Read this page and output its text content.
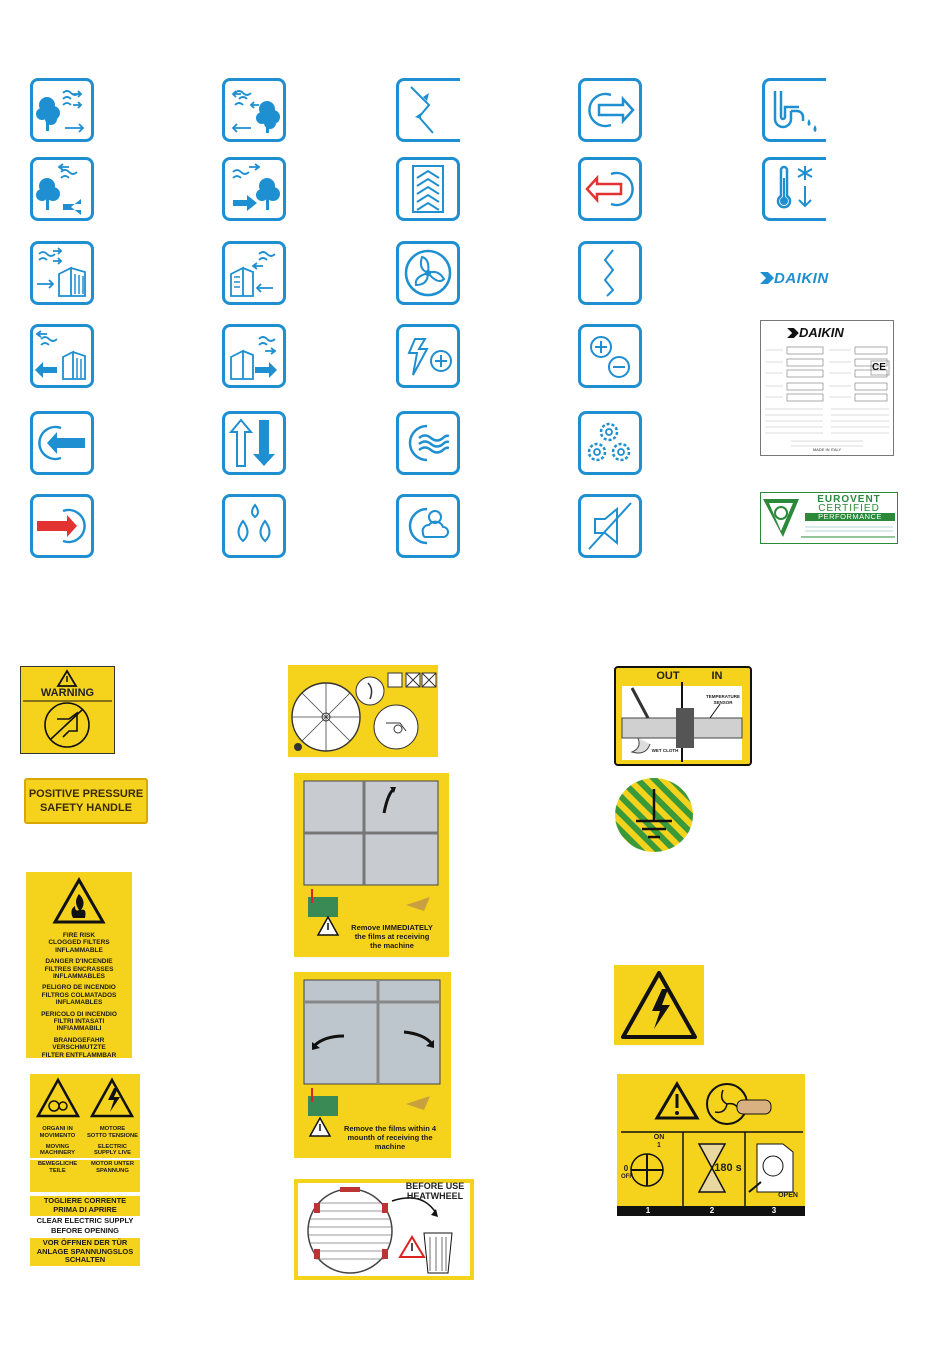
DAIKIN
DAIKIN
CE
MADE IN ITALY
EUROVENT
CERTIFIED
PERFORMANCE
WARNING
POSITIVE PRESSURE
SAFETY HANDLE
FIRE RISK
CLOGGED FILTERS
INFLAMMABLE
DANGER D'INCENDIE
FILTRES ENCRASSES
INFLAMMABLES
PELIGRO DE INCENDIO
FILTROS COLMATADOS
INFLAMABLES
PERICOLO DI INCENDIO
FILTRI INTASATI
INFIAMMABILI
BRANDGEFAHR
VERSCHMUTZTE
FILTER ENTFLAMMBAR
ORGANI IN
MOVIMENTO
MOVING
MACHINERY
BEWEGLICHE
TEILE
MOTORE
SOTTO TENSIONE
ELECTRIC
SUPPLY LIVE
MOTOR UNTER
SPANNUNG
TOGLIERE CORRENTE
PRIMA DI APRIRE
CLEAR ELECTRIC SUPPLY
BEFORE OPENING
VOR ÖFFNEN DER TÜR
ANLAGE SPANNUNGSLOS
SCHALTEN
Remove IMMEDIATELY
the films at receiving
the machine
Remove the films within 4
mounth of receiving the
machine
BEFORE USE
HEATWHEEL
OUT	IN
TEMPERATURE SENSOR
WET CLOTH
ON
1
0
OFF
180 s
OPEN
1	2	3
